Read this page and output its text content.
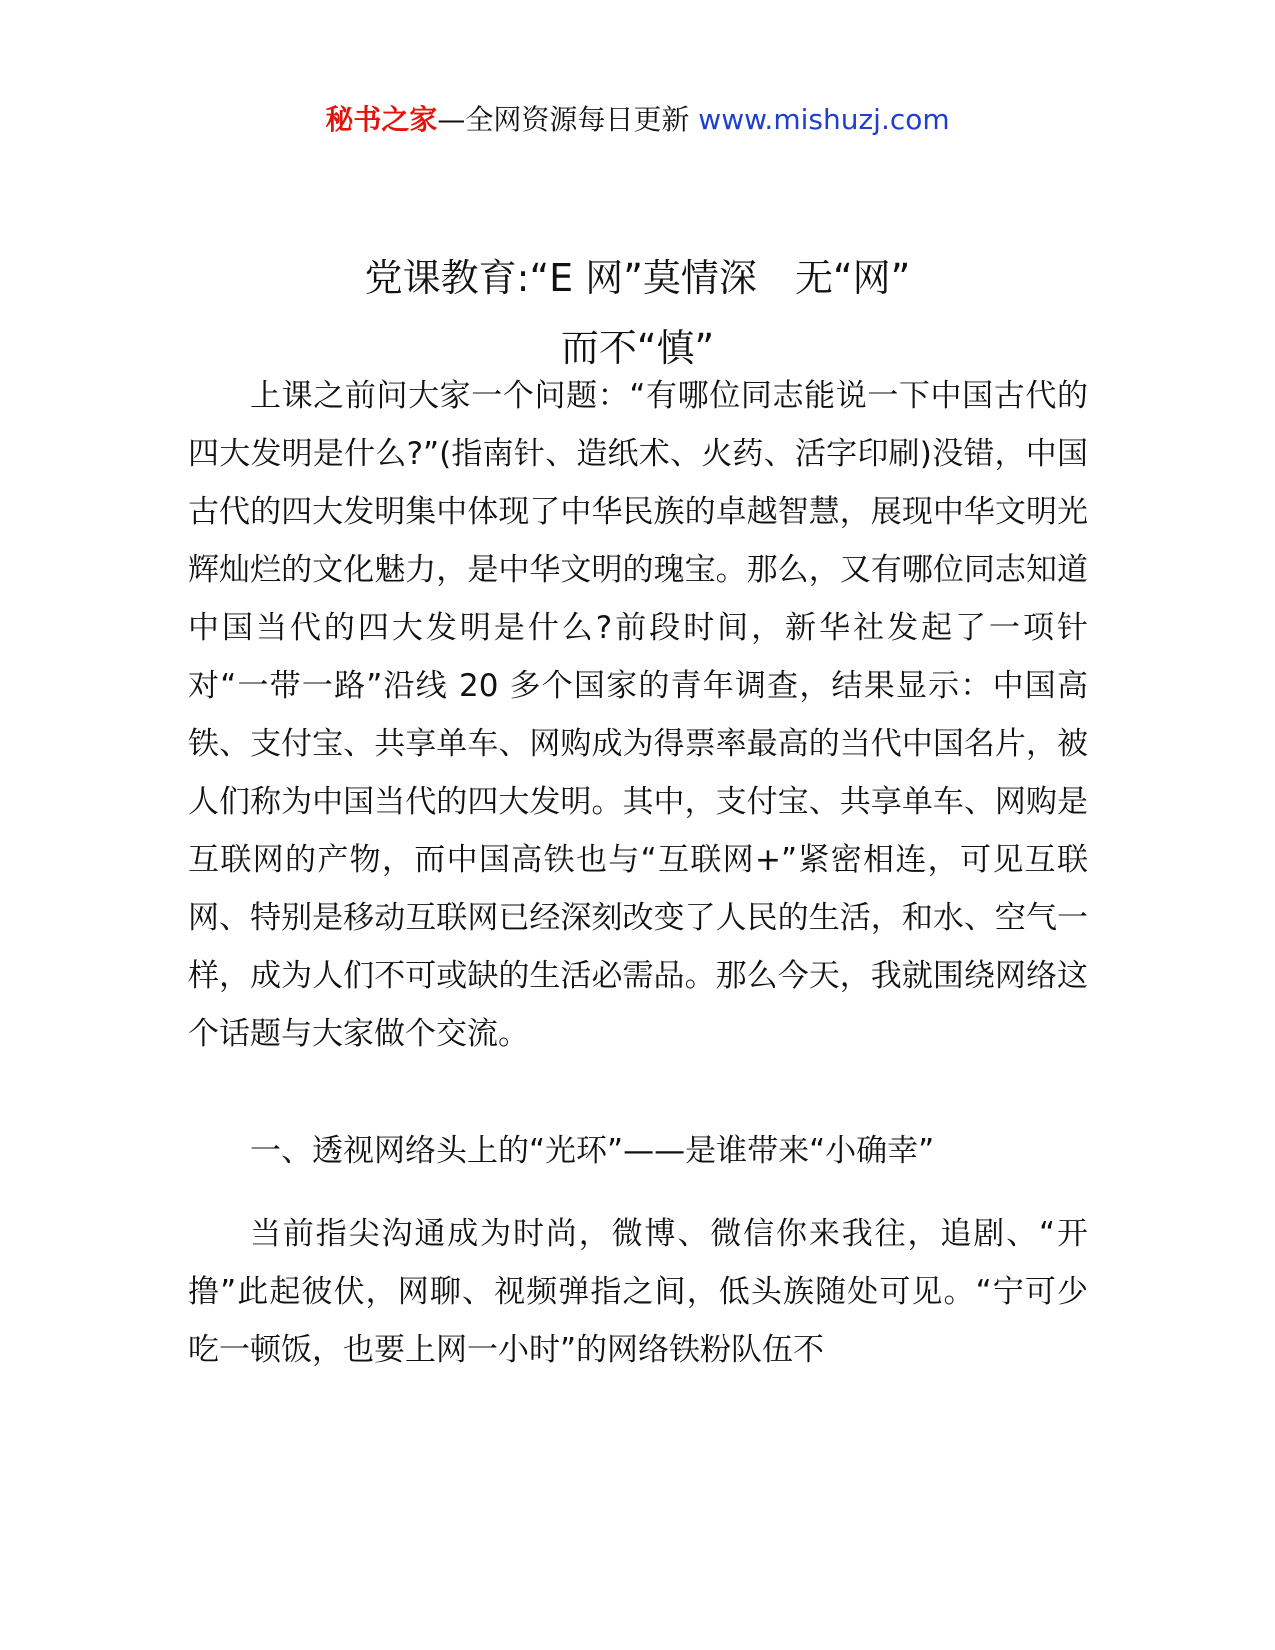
秘书之家—全网资源每日更新 www.mishuzj.com
党课教育:“E 网”莫情深　无“网”
而不“慎”

上课之前问大家一个问题：“有哪位同志能说一下中国古代的四大发明是什么?”(指南针、造纸术、火药、活字印刷)没错，中国古代的四大发明集中体现了中华民族的卓越智慧，展现中华文明光辉灿烂的文化魅力，是中华文明的瑰宝。那么，又有哪位同志知道中国当代的四大发明是什么?前段时间，新华社发起了一项针对“一带一路”沿线 20 多个国家的青年调查，结果显示：中国高铁、支付宝、共享单车、网购成为得票率最高的当代中国名片，被人们称为中国当代的四大发明。其中，支付宝、共享单车、网购是互联网的产物，而中国高铁也与“互联网+”紧密相连，可见互联网、特别是移动互联网已经深刻改变了人民的生活，和水、空气一样，成为人们不可或缺的生活必需品。那么今天，我就围绕网络这个话题与大家做个交流。

一、透视网络头上的“光环”——是谁带来“小确幸”

当前指尖沟通成为时尚，微博、微信你来我往，追剧、“开撸”此起彼伏，网聊、视频弹指之间，低头族随处可见。“宁可少吃一顿饭，也要上网一小时”的网络铁粉队伍不
